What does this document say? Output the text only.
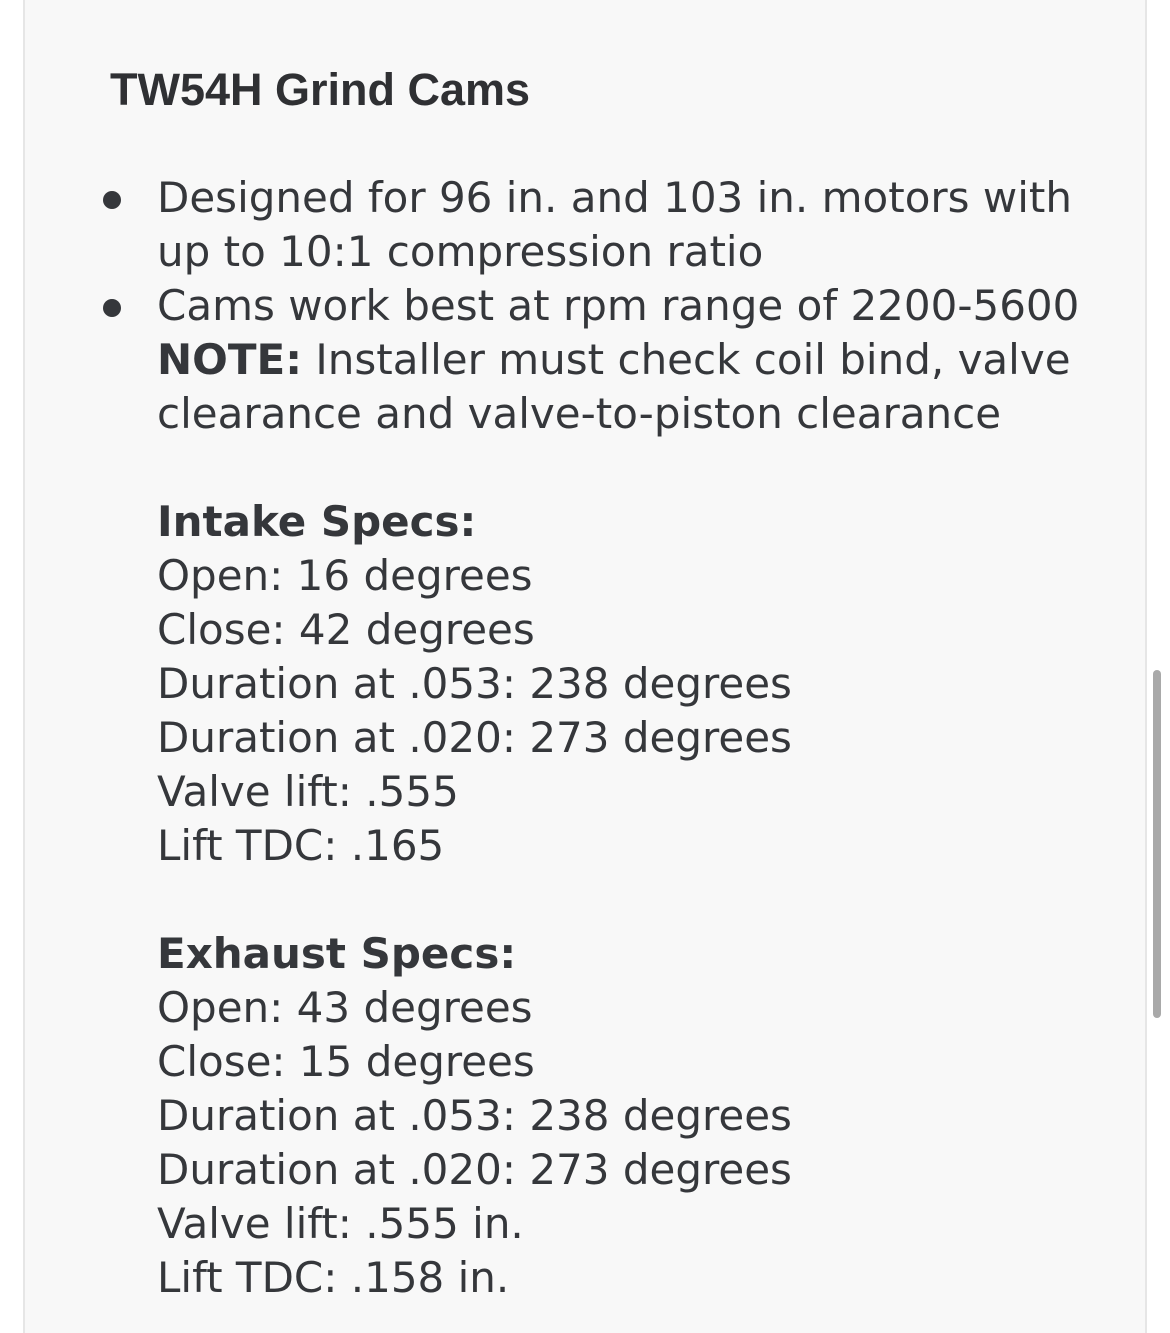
TW54H Grind Cams
Designed for 96 in. and 103 in. motors with
up to 10:1 compression ratio
Cams work best at rpm range of 2200-5600
NOTE: Installer must check coil bind, valve
clearance and valve-to-piston clearance
Intake Specs:
Open: 16 degrees
Close: 42 degrees
Duration at .053: 238 degrees
Duration at .020: 273 degrees
Valve lift: .555
Lift TDC: .165
Exhaust Specs:
Open: 43 degrees
Close: 15 degrees
Duration at .053: 238 degrees
Duration at .020: 273 degrees
Valve lift: .555 in.
Lift TDC: .158 in.
